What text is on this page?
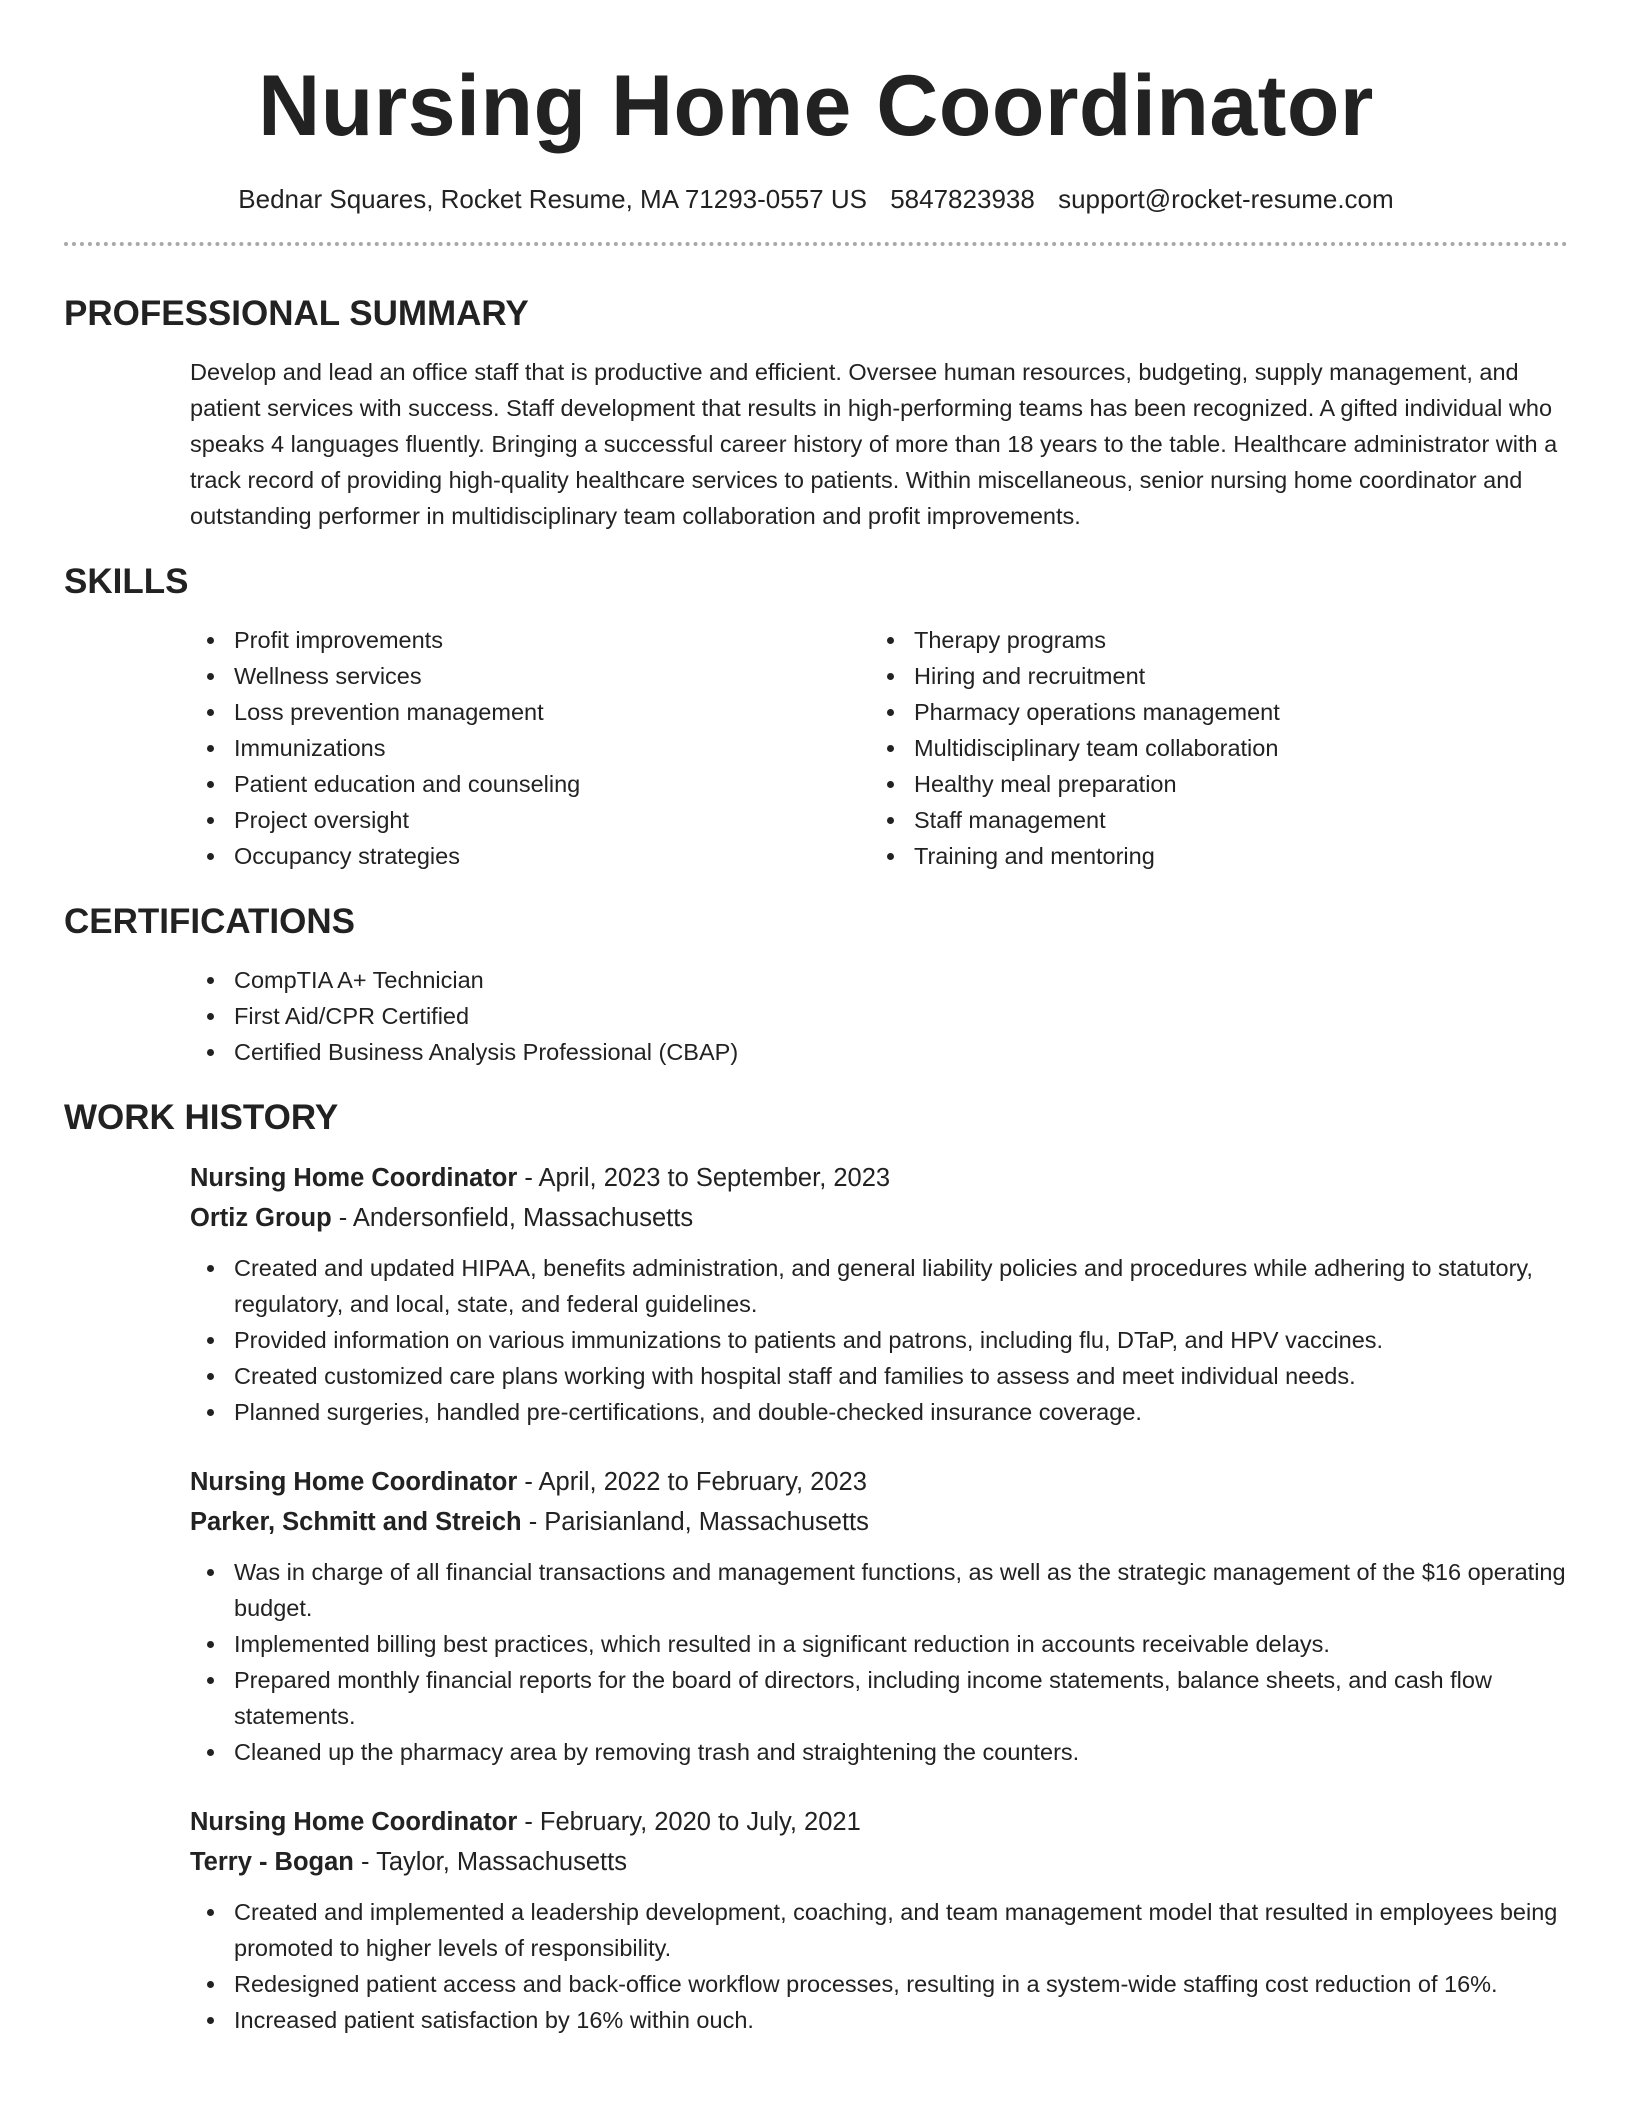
Nursing Home Coordinator
Bednar Squares, Rocket Resume, MA 71293-0557 US 5847823938 support@rocket-resume.com
PROFESSIONAL SUMMARY

Develop and lead an office staff that is productive and efficient. Oversee human resources, budgeting, supply management, and patient services with success. Staff development that results in high-performing teams has been recognized. A gifted individual who speaks 4 languages fluently. Bringing a successful career history of more than 18 years to the table. Healthcare administrator with a track record of providing high-quality healthcare services to patients. Within miscellaneous, senior nursing home coordinator and outstanding performer in multidisciplinary team collaboration and profit improvements.

SKILLS
Profit improvements
Wellness services
Loss prevention management
Immunizations
Patient education and counseling
Project oversight
Occupancy strategies
Therapy programs
Hiring and recruitment
Pharmacy operations management
Multidisciplinary team collaboration
Healthy meal preparation
Staff management
Training and mentoring
CERTIFICATIONS
CompTIA A+ Technician
First Aid/CPR Certified
Certified Business Analysis Professional (CBAP)
WORK HISTORY
Nursing Home Coordinator - April, 2023 to September, 2023
Ortiz Group - Andersonfield, Massachusetts
Created and updated HIPAA, benefits administration, and general liability policies and procedures while adhering to statutory, regulatory, and local, state, and federal guidelines.
Provided information on various immunizations to patients and patrons, including flu, DTaP, and HPV vaccines.
Created customized care plans working with hospital staff and families to assess and meet individual needs.
Planned surgeries, handled pre-certifications, and double-checked insurance coverage.
Nursing Home Coordinator - April, 2022 to February, 2023
Parker, Schmitt and Streich - Parisianland, Massachusetts
Was in charge of all financial transactions and management functions, as well as the strategic management of the $16 operating budget.
Implemented billing best practices, which resulted in a significant reduction in accounts receivable delays.
Prepared monthly financial reports for the board of directors, including income statements, balance sheets, and cash flow statements.
Cleaned up the pharmacy area by removing trash and straightening the counters.
Nursing Home Coordinator - February, 2020 to July, 2021
Terry - Bogan - Taylor, Massachusetts
Created and implemented a leadership development, coaching, and team management model that resulted in employees being promoted to higher levels of responsibility.
Redesigned patient access and back-office workflow processes, resulting in a system-wide staffing cost reduction of 16%.
Increased patient satisfaction by 16% within ouch.
